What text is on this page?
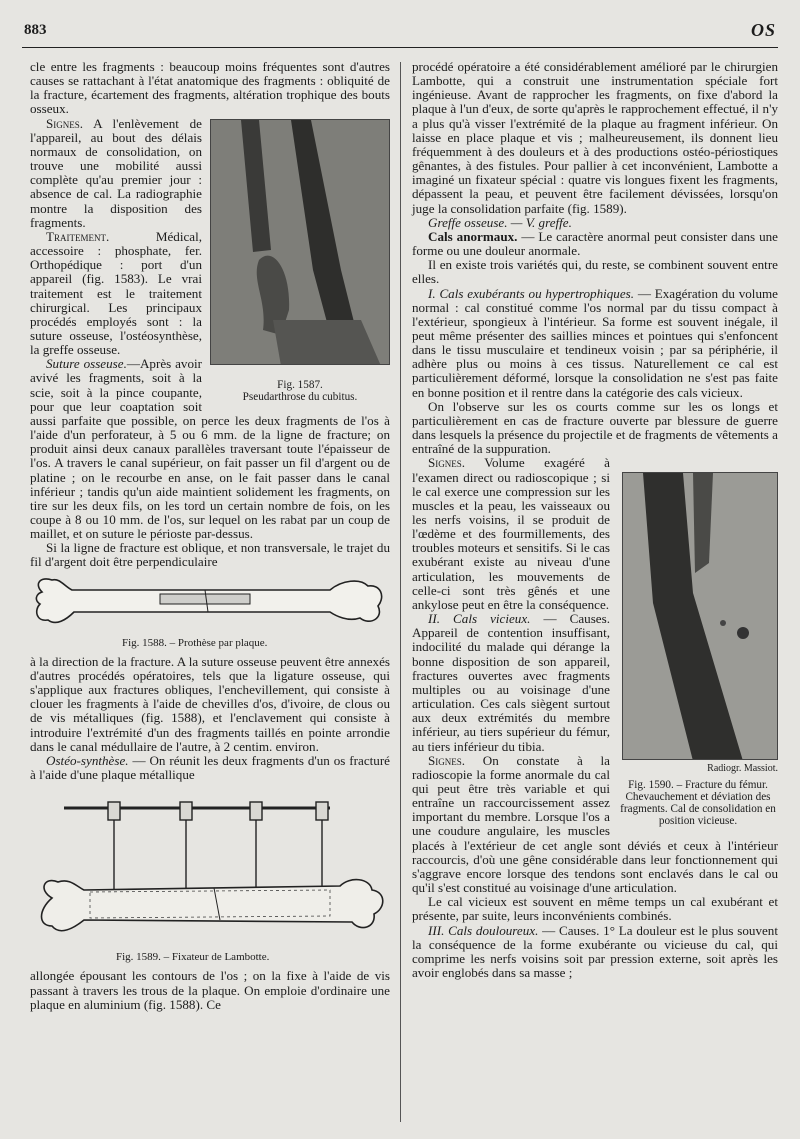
883	OS

cle entre les fragments : beaucoup moins fréquentes sont d'autres causes se rattachant à l'état anatomique des fragments : obliquité de la fracture, écartement des fragments, altération trophique des bouts osseux.

Fig. 1587.
Pseudarthrose du cubitus.

Signes. A l'enlèvement de l'appareil, au bout des délais normaux de consolidation, on trouve une mobilité aussi complète qu'au premier jour : absence de cal. La radiographie montre la disposition des fragments.

Traitement. Médical, accessoire : phosphate, fer. Orthopédique : port d'un appareil (fig. 1583). Le vrai traitement est le traitement chirurgical. Les principaux procédés employés sont : la suture osseuse, l'ostéosynthèse, la greffe osseuse.

Suture osseuse.—Après avoir avivé les fragments, soit à la scie, soit à la pince coupante, pour que leur coaptation soit aussi parfaite que possible, on perce les deux fragments de l'os à l'aide d'un perforateur, à 5 ou 6 mm. de la ligne de fracture; on produit ainsi deux canaux parallèles traversant toute l'épaisseur de l'os. A travers le canal supérieur, on fait passer un fil d'argent ou de platine ; on le recourbe en anse, on le fait passer dans le canal inférieur ; tandis qu'un aide maintient solidement les fragments, on tire sur les deux fils, on les tord un certain nombre de fois, on les coupe à 8 ou 10 mm. de l'os, sur lequel on les rabat par un coup de maillet, et on suture le périoste par-dessus.

Si la ligne de fracture est oblique, et non transversale, le trajet du fil d'argent doit être perpendiculaire

Fig. 1588. – Prothèse par plaque.

à la direction de la fracture. A la suture osseuse peuvent être annexés d'autres procédés opératoires, tels que la ligature osseuse, qui s'applique aux fractures obliques, l'enchevillement, qui consiste à clouer les fragments à l'aide de chevilles d'os, d'ivoire, de clous ou de vis métalliques (fig. 1588), et l'enclavement qui consiste à introduire l'extrémité d'un des fragments taillés en pointe arrondie dans le canal médullaire de l'autre, à 2 centim. environ.

Ostéo-synthèse. — On réunit les deux fragments d'un os fracturé à l'aide d'une plaque métallique

Fig. 1589. – Fixateur de Lambotte.

allongée épousant les contours de l'os ; on la fixe à l'aide de vis passant à travers les trous de la plaque. On emploie d'ordinaire une plaque en aluminium (fig. 1588). Ce

procédé opératoire a été considérablement amélioré par le chirurgien Lambotte, qui a construit une instrumentation spéciale fort ingénieuse. Avant de rapprocher les fragments, on fixe d'abord la plaque à l'un d'eux, de sorte qu'après le rapprochement effectué, il n'y a plus qu'à visser l'extrémité de la plaque au fragment inférieur. On laisse en place plaque et vis ; malheureusement, ils donnent lieu fréquemment à des douleurs et à des productions ostéo-périostiques gênantes, à des fistules. Pour pallier à cet inconvénient, Lambotte a imaginé un fixateur spécial : quatre vis longues fixent les fragments, dépassent la peau, et peuvent être facilement dévissées, lorsqu'on juge la consolidation parfaite (fig. 1589).

Greffe osseuse. — V. greffe.

Cals anormaux. — Le caractère anormal peut consister dans une forme ou une douleur anormale.

Il en existe trois variétés qui, du reste, se combinent souvent entre elles.

I. Cals exubérants ou hypertrophiques. — Exagération du volume normal : cal constitué comme l'os normal par du tissu compact à l'extérieur, spongieux à l'intérieur. Sa forme est souvent inégale, il peut même présenter des saillies minces et pointues qui s'enfoncent dans le tissu musculaire et tendineux voisin ; par sa périphérie, il adhère plus ou moins à ces tissus. Naturellement ce cal est particulièrement déformé, lorsque la consolidation ne s'est pas faite en bonne position et il rentre dans la catégorie des cals vicieux.

On l'observe sur les os courts comme sur les os longs et particulièrement en cas de fracture ouverte par blessure de guerre dans lesquels la présence du projectile et de fragments de vêtements a entraîné de la suppuration.

Radiogr. Massiot.
Fig. 1590. – Fracture du fémur. Chevauchement et déviation des fragments. Cal de consolidation en position vicieuse.

Signes. Volume exagéré à l'examen direct ou radioscopique ; si le cal exerce une compression sur les muscles et la peau, les vaisseaux ou les nerfs voisins, il se produit de l'œdème et des fourmillements, des troubles moteurs et sensitifs. Si le cas exubérant existe au niveau d'une articulation, les mouvements de celle-ci sont très gênés et une ankylose peut en être la conséquence.

II. Cals vicieux. — Causes. Appareil de contention insuffisant, indocilité du malade qui dérange la bonne disposition de son appareil, fractures ouvertes avec fragments multiples ou au voisinage d'une articulation. Ces cals siègent surtout aux deux extrémités du membre inférieur, au tiers supérieur du fémur, au tiers inférieur du tibia.

Signes. On constate à la radioscopie la forme anormale du cal qui peut être très variable et qui entraîne un raccourcissement assez important du membre. Lorsque l'os a une coudure angulaire, les muscles placés à l'extérieur de cet angle sont déviés et ceux à l'intérieur raccourcis, d'où une gêne considérable dans leur fonctionnement qui s'aggrave encore lorsque des tendons sont enclavés dans le cal ou qu'il s'est constitué au voisinage d'une articulation.

Le cal vicieux est souvent en même temps un cal exubérant et présente, par suite, leurs inconvénients combinés.

III. Cals douloureux. — Causes. 1° La douleur est le plus souvent la conséquence de la forme exubérante ou vicieuse du cal, qui comprime les nerfs voisins soit par pression externe, soit après les avoir englobés dans sa masse ;
